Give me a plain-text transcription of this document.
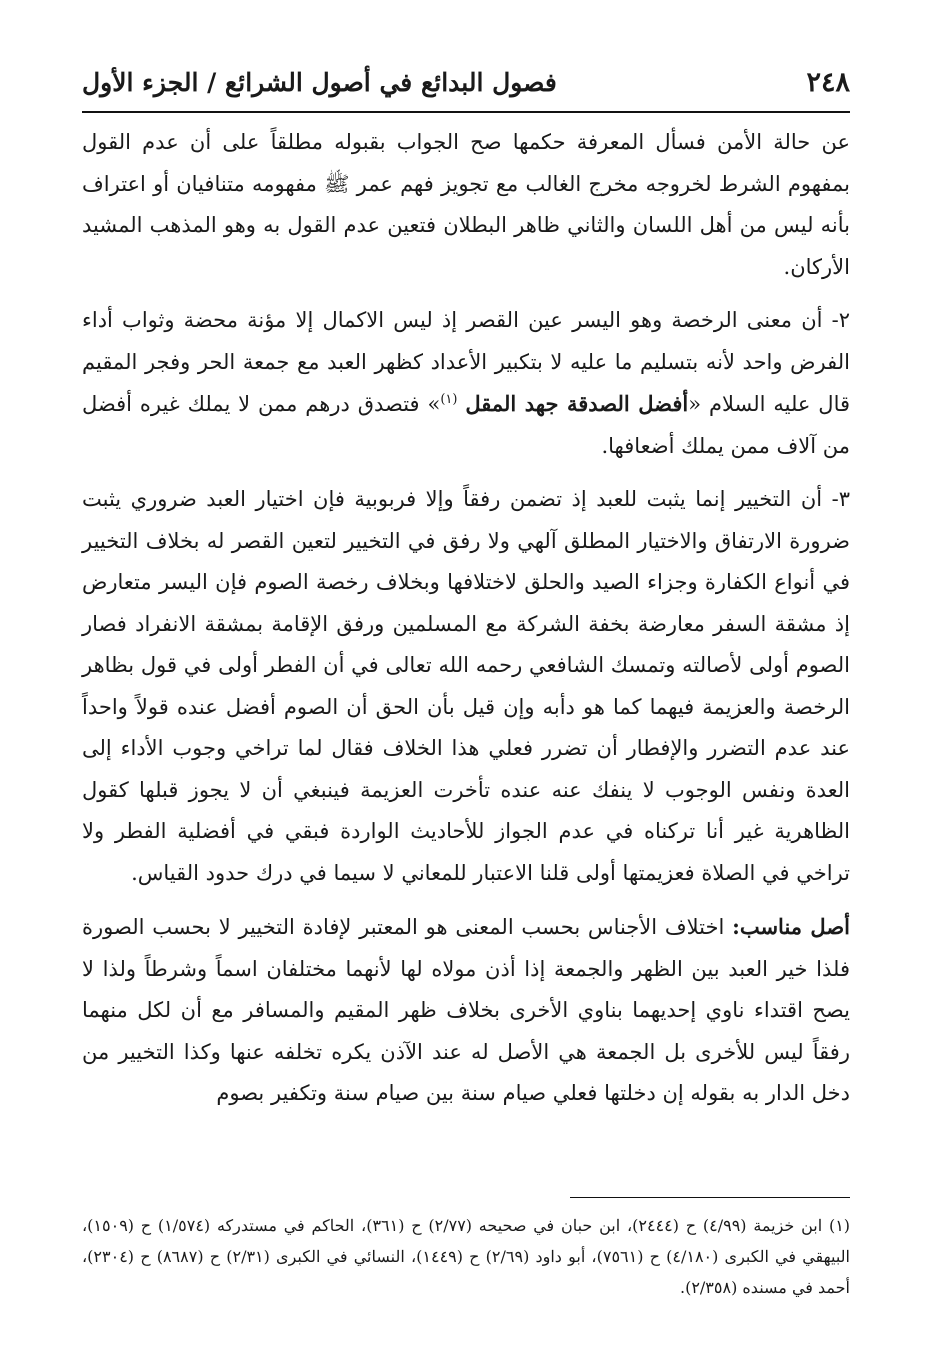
٢٤٨
فصول البدائع في أصول الشرائع / الجزء الأول

عن حالة الأمن فسأل المعرفة حكمها صح الجواب بقبوله مطلقاً على أن عدم القول بمفهوم الشرط لخروجه مخرج الغالب مع تجويز فهم عمر ﷺ مفهومه متنافيان أو اعتراف بأنه ليس من أهل اللسان والثاني ظاهر البطلان فتعين عدم القول به وهو المذهب المشيد الأركان.

٢- أن معنى الرخصة وهو اليسر عين القصر إذ ليس الاكمال إلا مؤنة محضة وثواب أداء الفرض واحد لأنه بتسليم ما عليه لا بتكبير الأعداد كظهر العبد مع جمعة الحر وفجر المقيم قال عليه السلام «أفضل الصدقة جهد المقل $^{(١)}$» فتصدق درهم ممن لا يملك غيره أفضل من آلاف ممن يملك أضعافها.

٣- أن التخيير إنما يثبت للعبد إذ تضمن رفقاً وإلا فربوبية فإن اختيار العبد ضروري يثبت ضرورة الارتفاق والاختيار المطلق آلهي ولا رفق في التخيير لتعين القصر له بخلاف التخيير في أنواع الكفارة وجزاء الصيد والحلق لاختلافها وبخلاف رخصة الصوم فإن اليسر متعارض إذ مشقة السفر معارضة بخفة الشركة مع المسلمين ورفق الإقامة بمشقة الانفراد فصار الصوم أولى لأصالته وتمسك الشافعي رحمه الله تعالى في أن الفطر أولى في قول بظاهر الرخصة والعزيمة فيهما كما هو دأبه وإن قيل بأن الحق أن الصوم أفضل عنده قولاً واحداً عند عدم التضرر والإفطار أن تضرر فعلي هذا الخلاف فقال لما تراخي وجوب الأداء إلى العدة ونفس الوجوب لا ينفك عنه عنده تأخرت العزيمة فينبغي أن لا يجوز قبلها كقول الظاهرية غير أنا تركناه في عدم الجواز للأحاديث الواردة فبقي في أفضلية الفطر ولا تراخي في الصلاة فعزيمتها أولى قلنا الاعتبار للمعاني لا سيما في درك حدود القياس.

أصل مناسب: اختلاف الأجناس بحسب المعنى هو المعتبر لإفادة التخيير لا بحسب الصورة فلذا خير العبد بين الظهر والجمعة إذا أذن مولاه لها لأنهما مختلفان اسماً وشرطاً ولذا لا يصح اقتداء ناوي إحديهما بناوي الأخرى بخلاف ظهر المقيم والمسافر مع أن لكل منهما رفقاً ليس للأخرى بل الجمعة هي الأصل له عند الآذن يكره تخلفه عنها وكذا التخيير من دخل الدار به بقوله إن دخلتها فعلي صيام سنة بين صيام سنة وتكفير بصوم

(١) ابن خزيمة (٤/٩٩) ح (٢٤٤٤)، ابن حبان في صحيحه (٢/٧٧) ح (٣٦١)، الحاكم في مستدركه (١/٥٧٤) ح (١٥٠٩)، البيهقي في الكبرى (٤/١٨٠) ح (٧٥٦١)، أبو داود (٢/٦٩) ح (١٤٤٩)، النسائي في الكبرى (٢/٣١) ح (٨٦٨٧) ح (٢٣٠٤)، أحمد في مسنده (٢/٣٥٨).
